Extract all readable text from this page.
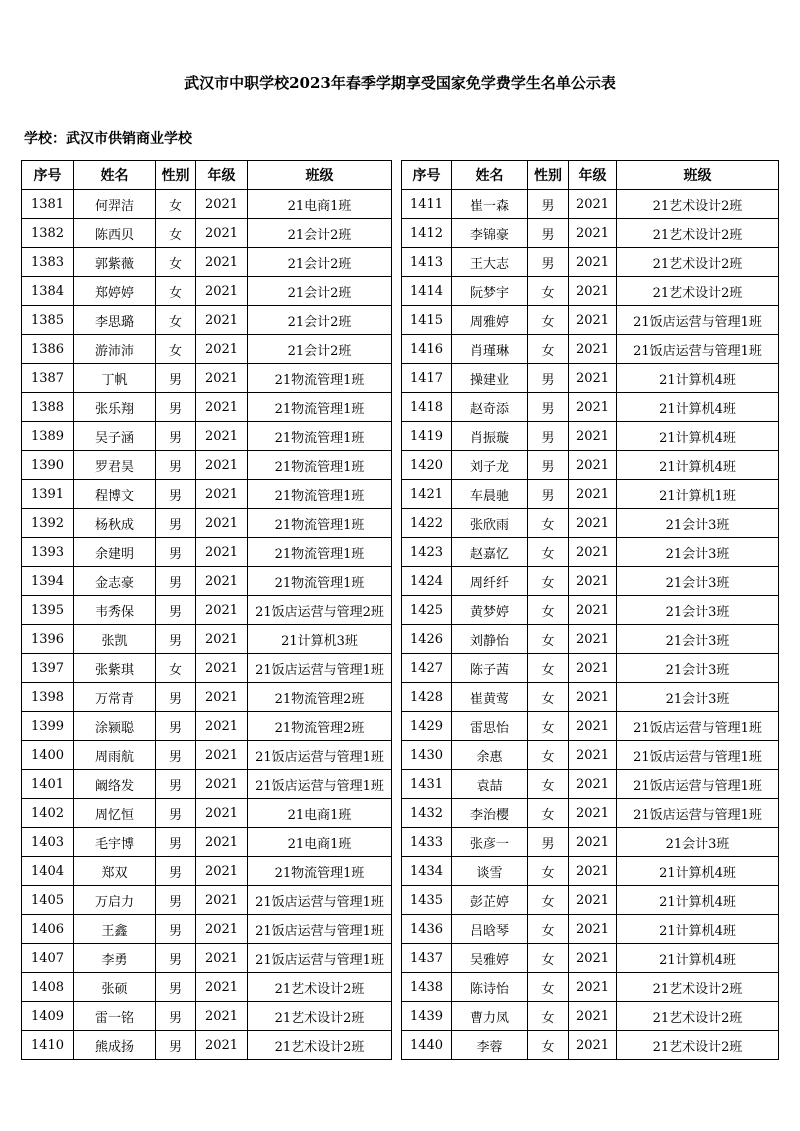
武汉市中职学校2023年春季学期享受国家免学费学生名单公示表
学校：武汉市供销商业学校
序号	姓名	性别	年级	班级
1381	何羿洁	女	2021	21电商1班
1382	陈西贝	女	2021	21会计2班
1383	郭紫薇	女	2021	21会计2班
1384	郑婷婷	女	2021	21会计2班
1385	李思璐	女	2021	21会计2班
1386	游沛沛	女	2021	21会计2班
1387	丁帆	男	2021	21物流管理1班
1388	张乐翔	男	2021	21物流管理1班
1389	吴子涵	男	2021	21物流管理1班
1390	罗君昊	男	2021	21物流管理1班
1391	程博文	男	2021	21物流管理1班
1392	杨秋成	男	2021	21物流管理1班
1393	余建明	男	2021	21物流管理1班
1394	金志豪	男	2021	21物流管理1班
1395	韦秀保	男	2021	21饭店运营与管理2班
1396	张凯	男	2021	21计算机3班
1397	张紫琪	女	2021	21饭店运营与管理1班
1398	万常青	男	2021	21物流管理2班
1399	涂颍聪	男	2021	21物流管理2班
1400	周雨航	男	2021	21饭店运营与管理1班
1401	阚络发	男	2021	21饭店运营与管理1班
1402	周忆恒	男	2021	21电商1班
1403	毛宇博	男	2021	21电商1班
1404	郑双	男	2021	21物流管理1班
1405	万启力	男	2021	21饭店运营与管理1班
1406	王鑫	男	2021	21饭店运营与管理1班
1407	李勇	男	2021	21饭店运营与管理1班
1408	张硕	男	2021	21艺术设计2班
1409	雷一铭	男	2021	21艺术设计2班
1410	熊成扬	男	2021	21艺术设计2班
序号	姓名	性别	年级	班级
1411	崔一森	男	2021	21艺术设计2班
1412	李锦豪	男	2021	21艺术设计2班
1413	王大志	男	2021	21艺术设计2班
1414	阮梦宇	女	2021	21艺术设计2班
1415	周雅婷	女	2021	21饭店运营与管理1班
1416	肖瑾琳	女	2021	21饭店运营与管理1班
1417	操建业	男	2021	21计算机4班
1418	赵奇添	男	2021	21计算机4班
1419	肖振璇	男	2021	21计算机4班
1420	刘子龙	男	2021	21计算机4班
1421	车晨驰	男	2021	21计算机1班
1422	张欣雨	女	2021	21会计3班
1423	赵嘉忆	女	2021	21会计3班
1424	周纤纤	女	2021	21会计3班
1425	黄梦婷	女	2021	21会计3班
1426	刘静怡	女	2021	21会计3班
1427	陈子茜	女	2021	21会计3班
1428	崔黄莺	女	2021	21会计3班
1429	雷思怡	女	2021	21饭店运营与管理1班
1430	余惠	女	2021	21饭店运营与管理1班
1431	袁喆	女	2021	21饭店运营与管理1班
1432	李治樱	女	2021	21饭店运营与管理1班
1433	张彦一	男	2021	21会计3班
1434	谈雪	女	2021	21计算机4班
1435	彭芷婷	女	2021	21计算机4班
1436	吕晗琴	女	2021	21计算机4班
1437	吴雅婷	女	2021	21计算机4班
1438	陈诗怡	女	2021	21艺术设计2班
1439	曹力凤	女	2021	21艺术设计2班
1440	李蓉	女	2021	21艺术设计2班
